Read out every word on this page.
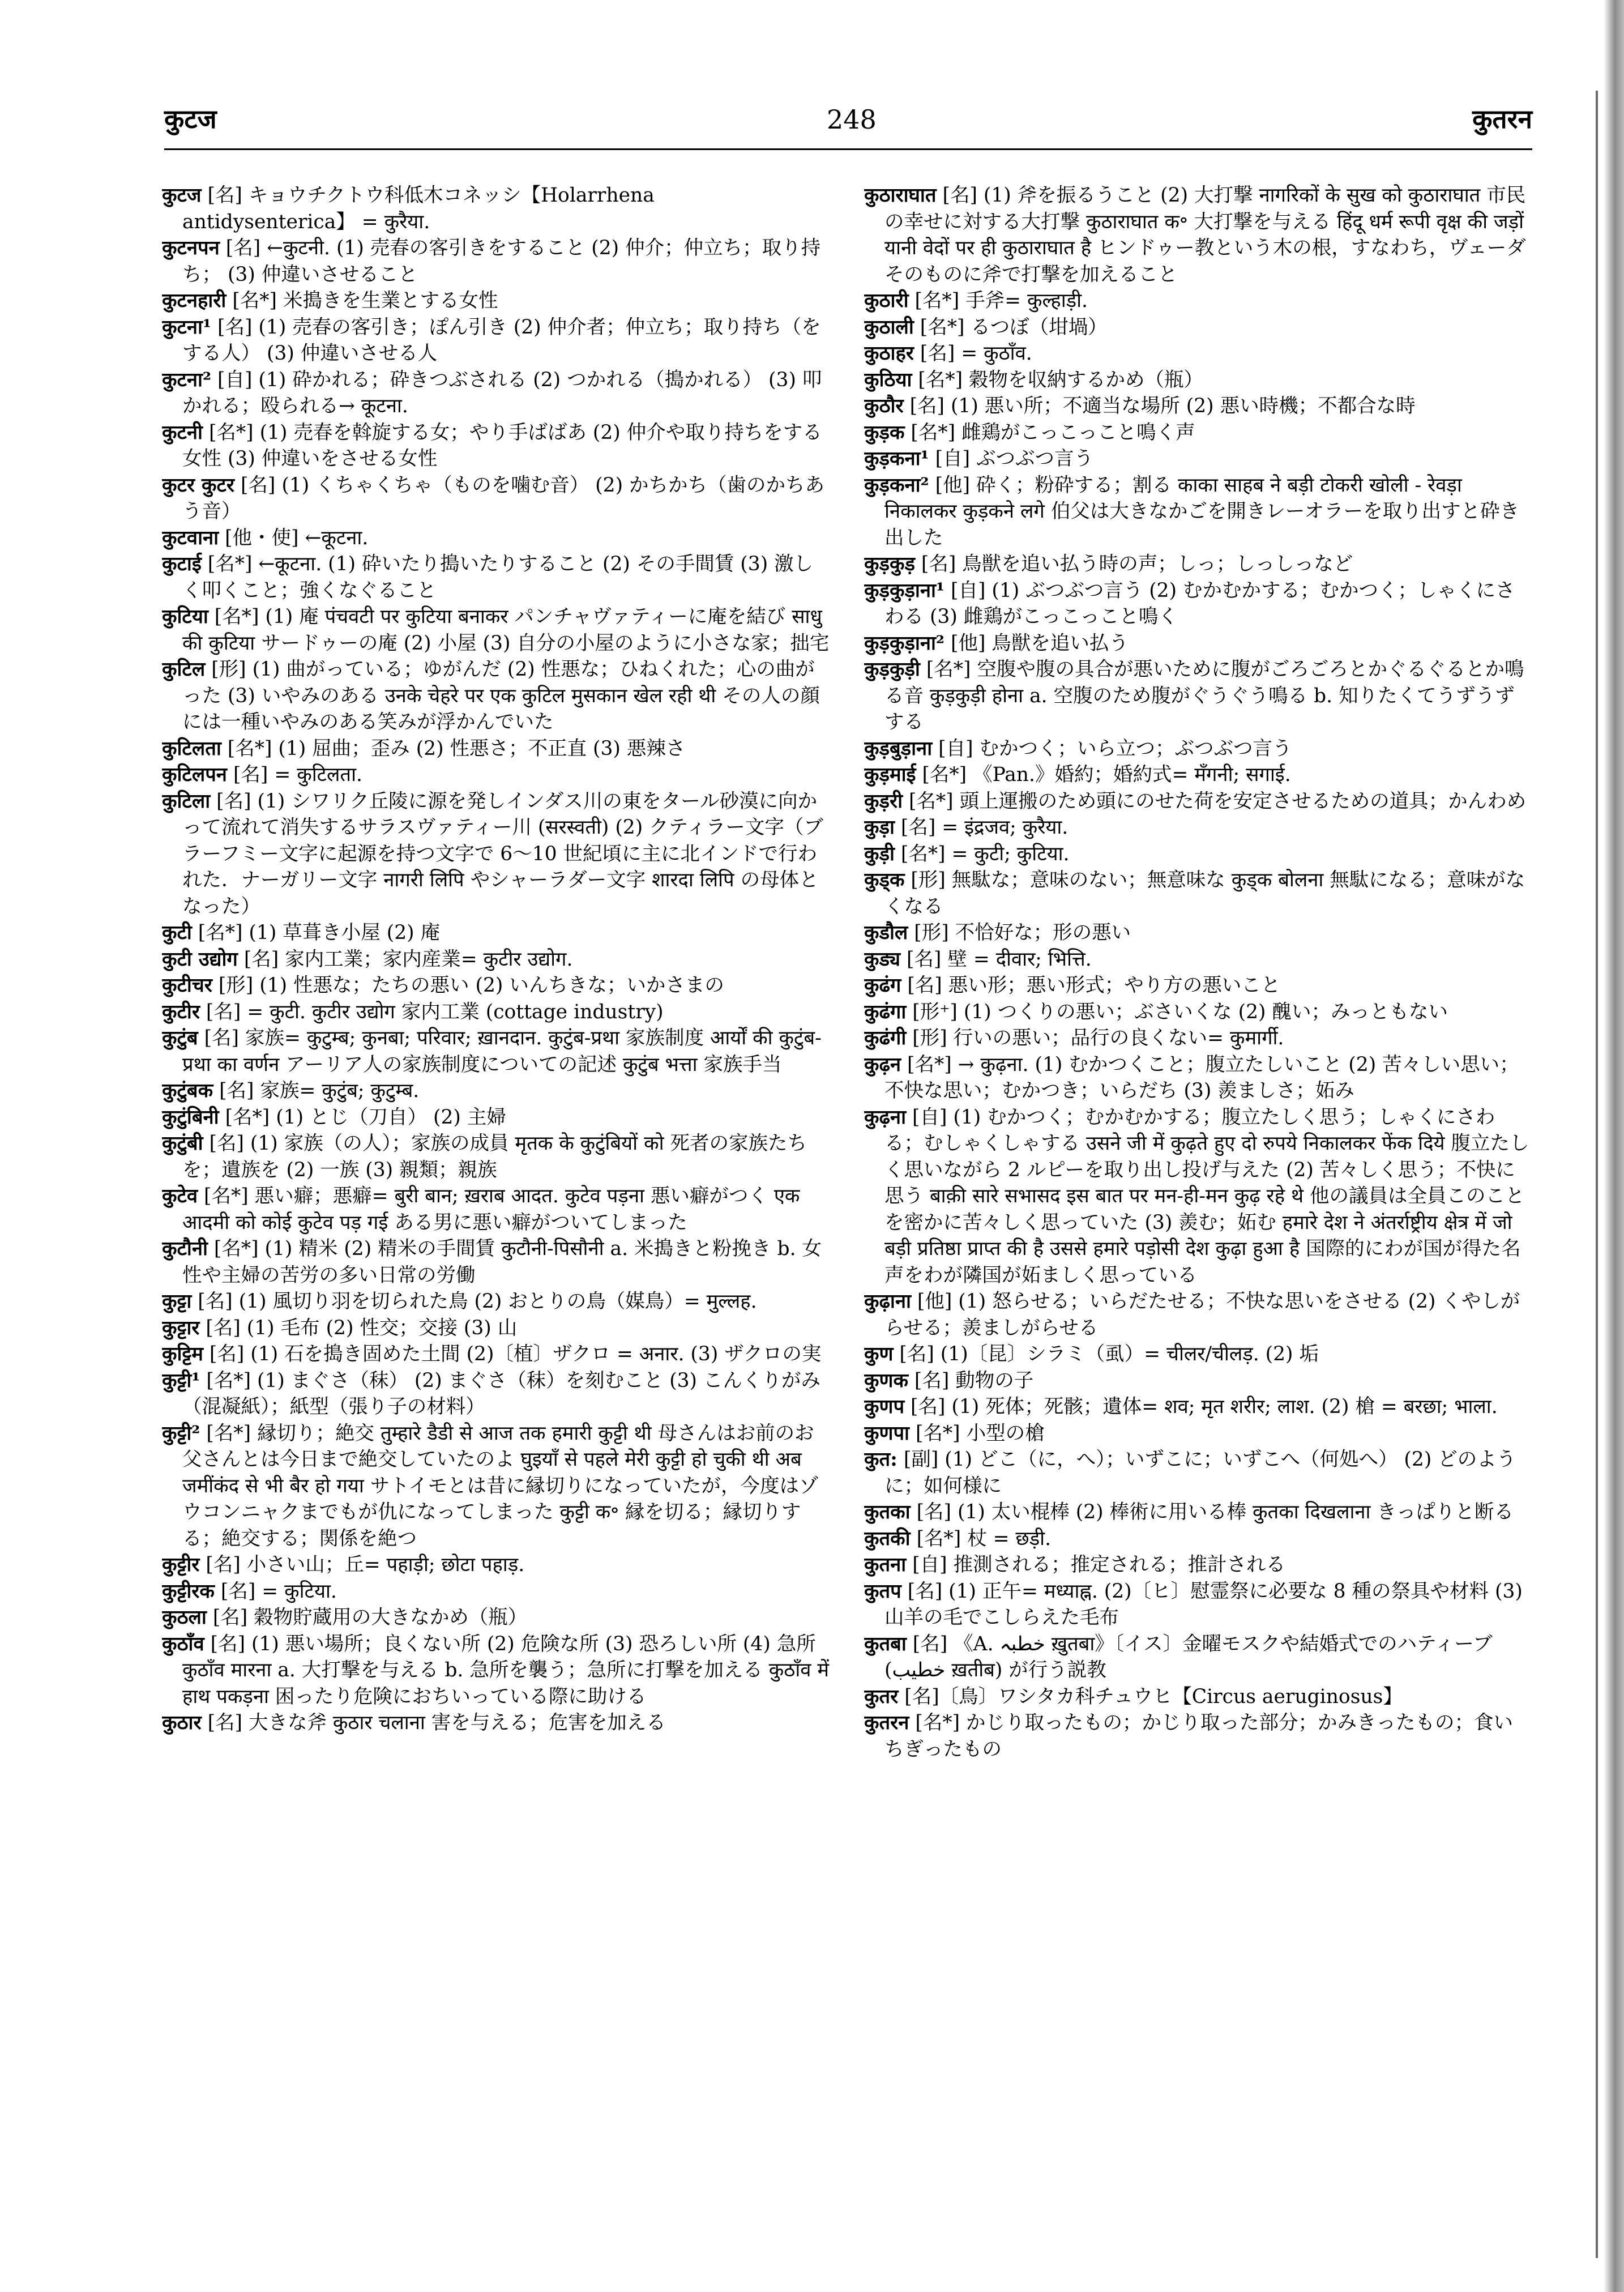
कुटज	248	कुतरन

कुटज [名] キョウチクトウ科低木コネッシ【Holarrhena antidysenterica】 = कुरैया.

कुटनपन [名] ←कुटनी. (1) 売春の客引きをすること (2) 仲介；仲立ち；取り持ち； (3) 仲違いさせること

कुटनहारी [名*] 米搗きを生業とする女性

कुटना¹ [名] (1) 売春の客引き；ぽん引き (2) 仲介者；仲立ち；取り持ち（をする人） (3) 仲違いさせる人

कुटना² [自] (1) 砕かれる；砕きつぶされる (2) つかれる（搗かれる） (3) 叩かれる；殴られる→ कूटना.

कुटनी [名*] (1) 売春を斡旋する女；やり手ばばあ (2) 仲介や取り持ちをする女性 (3) 仲違いをさせる女性

कुटर कुटर [名] (1) くちゃくちゃ（ものを噛む音） (2) かちかち（歯のかちあう音）

कुटवाना [他・使] ←कूटना.

कुटाई [名*] ←कूटना. (1) 砕いたり搗いたりすること (2) その手間賃 (3) 激しく叩くこと；強くなぐること

कुटिया [名*] (1) 庵 पंचवटी पर कुटिया बनाकर パンチャヴァティーに庵を結び साधु की कुटिया サードゥーの庵 (2) 小屋 (3) 自分の小屋のように小さな家；拙宅

कुटिल [形] (1) 曲がっている；ゆがんだ (2) 性悪な；ひねくれた；心の曲がった (3) いやみのある उनके चेहरे पर एक कुटिल मुसकान खेल रही थी その人の顔には一種いやみのある笑みが浮かんでいた

कुटिलता [名*] (1) 屈曲；歪み (2) 性悪さ；不正直 (3) 悪辣さ

कुटिलपन [名] = कुटिलता.

कुटिला [名] (1) シワリク丘陵に源を発しインダス川の東をタール砂漠に向かって流れて消失するサラスヴァティー川 (सरस्वती) (2) クティラー文字（ブラーフミー文字に起源を持つ文字で 6〜10 世紀頃に主に北インドで行われた．ナーガリー文字 नागरी लिपि やシャーラダー文字 शारदा लिपि の母体となった）

कुटी [名*] (1) 草葺き小屋 (2) 庵

कुटी उद्योग [名] 家内工業；家内産業= कुटीर उद्योग.

कुटीचर [形] (1) 性悪な；たちの悪い (2) いんちきな；いかさまの

कुटीर [名] = कुटी. कुटीर उद्योग 家内工業 (cottage industry)

कुटुंब [名] 家族= कुटुम्ब; कुनबा; परिवार; ख़ानदान. कुटुंब-प्रथा 家族制度 आर्यों की कुटुंब-प्रथा का वर्णन アーリア人の家族制度についての記述 कुटुंब भत्ता 家族手当

कुटुंबक [名] 家族= कुटुंब; कुटुम्ब.

कुटुंबिनी [名*] (1) とじ（刀自） (2) 主婦

कुटुंबी [名] (1) 家族（の人）；家族の成員 मृतक के कुटुंबियों को 死者の家族たちを；遺族を (2) 一族 (3) 親類；親族

कुटेव [名*] 悪い癖；悪癖= बुरी बान; ख़राब आदत. कुटेव पड़ना 悪い癖がつく एक आदमी को कोई कुटेव पड़ गई ある男に悪い癖がついてしまった

कुटौनी [名*] (1) 精米 (2) 精米の手間賃 कुटौनी-पिसौनी a. 米搗きと粉挽き b. 女性や主婦の苦労の多い日常の労働

कुट्टा [名] (1) 風切り羽を切られた鳥 (2) おとりの鳥（媒鳥）= मुल्लह.

कुट्टार [名] (1) 毛布 (2) 性交；交接 (3) 山

कुट्टिम [名] (1) 石を搗き固めた土間 (2)〔植〕ザクロ = अनार. (3) ザクロの実

कुट्टी¹ [名*] (1) まぐさ（秣） (2) まぐさ（秣）を刻むこと (3) こんくりがみ（混凝紙）；紙型（張り子の材料）

कुट्टी² [名*] 縁切り；絶交 तुम्हारे डैडी से आज तक हमारी कुट्टी थी 母さんはお前のお父さんとは今日まで絶交していたのよ घुइयाँ से पहले मेरी कुट्टी हो चुकी थी अब जमींकंद से भी बैर हो गया サトイモとは昔に縁切りになっていたが，今度はゾウコンニャクまでもが仇になってしまった कुट्टी क॰ 縁を切る；縁切りする；絶交する；関係を絶つ

कुट्टीर [名] 小さい山；丘= पहाड़ी; छोटा पहाड़.

कुट्टीरक [名] = कुटिया.

कुठला [名] 穀物貯蔵用の大きなかめ（瓶）

कुठाँव [名] (1) 悪い場所；良くない所 (2) 危険な所 (3) 恐ろしい所 (4) 急所 कुठाँव मारना a. 大打撃を与える b. 急所を襲う；急所に打撃を加える कुठाँव में हाथ पकड़ना 困ったり危険におちいっている際に助ける

कुठार [名] 大きな斧 कुठार चलाना 害を与える；危害を加える

कुठाराघात [名] (1) 斧を振るうこと (2) 大打撃 नागरिकों के सुख को कुठाराघात 市民の幸せに対する大打撃 कुठाराघात क॰ 大打撃を与える हिंदू धर्म रूपी वृक्ष की जड़ों यानी वेदों पर ही कुठाराघात है ヒンドゥー教という木の根，すなわち，ヴェーダそのものに斧で打撃を加えること

कुठारी [名*] 手斧= कुल्हाड़ी.

कुठाली [名*] るつぼ（坩堝）

कुठाहर [名] = कुठाँव.

कुठिया [名*] 穀物を収納するかめ（瓶）

कुठौर [名] (1) 悪い所；不適当な場所 (2) 悪い時機；不都合な時

कुड़क [名*] 雌鶏がこっこっこと鳴く声

कुड़कना¹ [自] ぶつぶつ言う

कुड़कना² [他] 砕く；粉砕する；割る काका साहब ने बड़ी टोकरी खोली - रेवड़ा निकालकर कुड़कने लगे 伯父は大きなかごを開きレーオラーを取り出すと砕き出した

कुड़कुड़ [名] 鳥獣を追い払う時の声；しっ；しっしっなど

कुड़कुड़ाना¹ [自] (1) ぶつぶつ言う (2) むかむかする；むかつく；しゃくにさわる (3) 雌鶏がこっこっこと鳴く

कुड़कुड़ाना² [他] 鳥獣を追い払う

कुड़कुड़ी [名*] 空腹や腹の具合が悪いために腹がごろごろとかぐるぐるとか鳴る音 कुड़कुड़ी होना a. 空腹のため腹がぐうぐう鳴る b. 知りたくてうずうずする

कुड़बुड़ाना [自] むかつく；いら立つ；ぶつぶつ言う

कुड़माई [名*] 《Pan.》婚約；婚約式= मँगनी; सगाई.

कुड़री [名*] 頭上運搬のため頭にのせた荷を安定させるための道具；かんわめ

कुड़ा [名] = इंद्रजव; कुरैया.

कुड़ी [名*] = कुटी; कुटिया.

कुड्क [形] 無駄な；意味のない；無意味な कुड्क बोलना 無駄になる；意味がなくなる

कुडौल [形] 不恰好な；形の悪い

कुड्य [名] 壁 = दीवार; भित्ति.

कुढंग [名] 悪い形；悪い形式；やり方の悪いこと

कुढंगा [形⁺] (1) つくりの悪い；ぶさいくな (2) 醜い；みっともない

कुढंगी [形] 行いの悪い；品行の良くない= कुमार्गी.

कुढ़न [名*] → कुढ़ना. (1) むかつくこと；腹立たしいこと (2) 苦々しい思い；不快な思い；むかつき；いらだち (3) 羨ましさ；妬み

कुढ़ना [自] (1) むかつく；むかむかする；腹立たしく思う；しゃくにさわる；むしゃくしゃする उसने जी में कुढ़ते हुए दो रुपये निकालकर फेंक दिये 腹立たしく思いながら 2 ルピーを取り出し投げ与えた (2) 苦々しく思う；不快に思う बाक़ी सारे सभासद इस बात पर मन-ही-मन कुढ़ रहे थे 他の議員は全員このことを密かに苦々しく思っていた (3) 羨む；妬む हमारे देश ने अंतर्राष्ट्रीय क्षेत्र में जो बड़ी प्रतिष्ठा प्राप्त की है उससे हमारे पड़ोसी देश कुढ़ा हुआ है 国際的にわが国が得た名声をわが隣国が妬ましく思っている

कुढ़ाना [他] (1) 怒らせる；いらだたせる；不快な思いをさせる (2) くやしがらせる；羨ましがらせる

कुण [名] (1)〔昆〕シラミ（虱）= चीलर/चीलड़. (2) 垢

कुणक [名] 動物の子

कुणप [名] (1) 死体；死骸；遺体= शव; मृत शरीर; लाश. (2) 槍 = बरछा; भाला.

कुणपा [名*] 小型の槍

कुत: [副] (1) どこ（に，へ）；いずこに；いずこへ（何処へ） (2) どのように；如何様に

कुतका [名] (1) 太い棍棒 (2) 棒術に用いる棒 कुतका दिखलाना きっぱりと断る

कुतकी [名*] 杖 = छड़ी.

कुतना [自] 推測される；推定される；推計される

कुतप [名] (1) 正午= मध्याह्न. (2)〔ヒ〕慰霊祭に必要な 8 種の祭具や材料 (3) 山羊の毛でこしらえた毛布

कुतबा [名] 《A. خطبہ ख़ुतबा》〔イス〕金曜モスクや結婚式でのハティーブ (خطیب ख़तीब) が行う説教

कुतर [名]〔鳥〕ワシタカ科チュウヒ【Circus aeruginosus】

कुतरन [名*] かじり取ったもの；かじり取った部分；かみきったもの；食いちぎったもの
